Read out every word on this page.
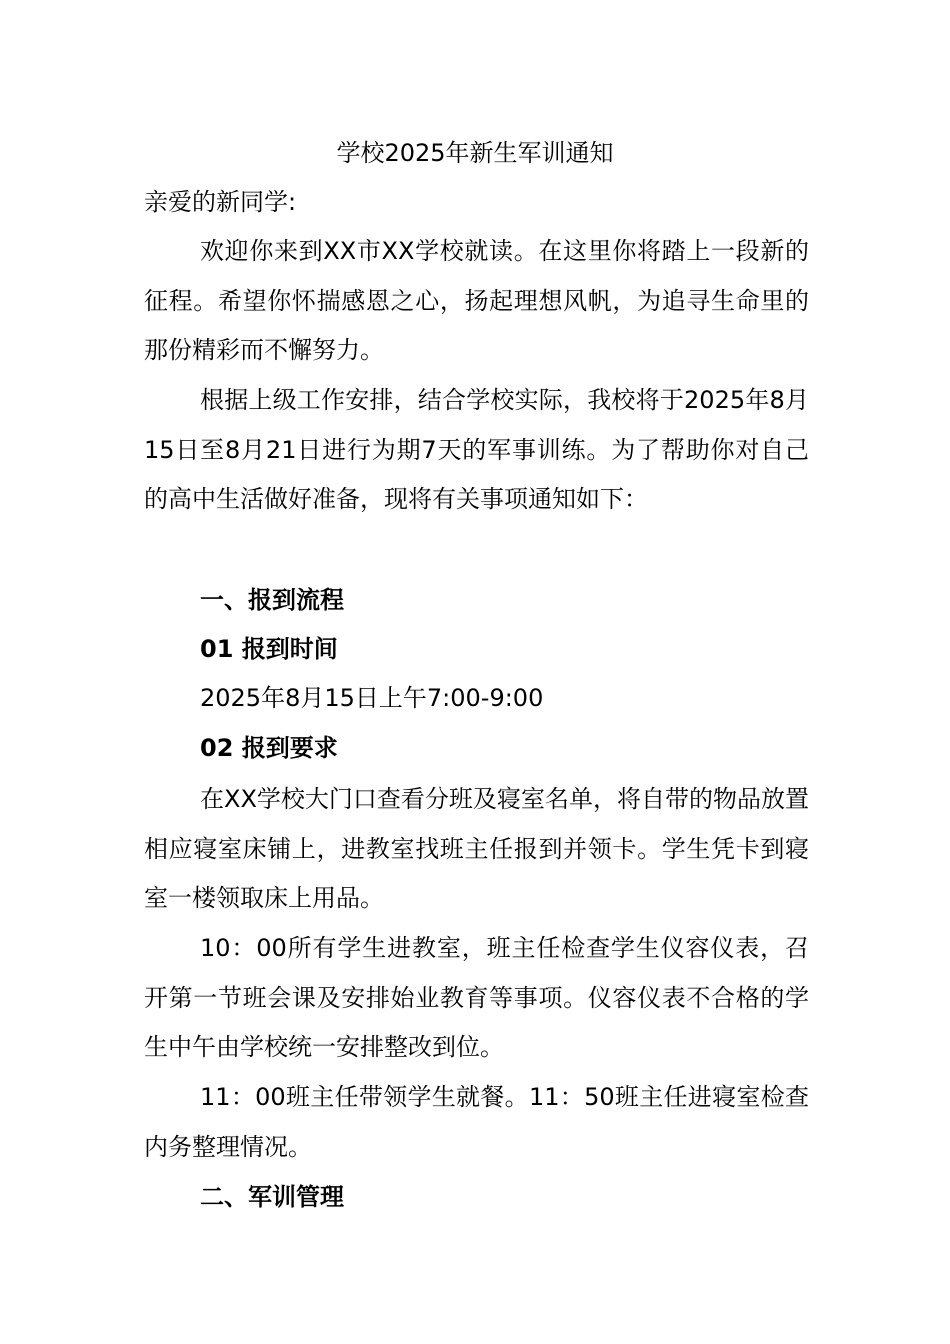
学校2025年新生军训通知
亲爱的新同学:
欢迎你来到XX市XX学校就读。在这里你将踏上一段新的征程。希望你怀揣感恩之心，扬起理想风帆，为追寻生命里的那份精彩而不懈努力。
根据上级工作安排，结合学校实际，我校将于2025年8月15日至8月21日进行为期7天的军事训练。为了帮助你对自己的高中生活做好准备，现将有关事项通知如下：
一、报到流程
01 报到时间
2025年8月15日上午7:00-9:00
02 报到要求
在XX学校大门口查看分班及寝室名单，将自带的物品放置相应寝室床铺上，进教室找班主任报到并领卡。学生凭卡到寝室一楼领取床上用品。
10：00所有学生进教室，班主任检查学生仪容仪表，召开第一节班会课及安排始业教育等事项。仪容仪表不合格的学生中午由学校统一安排整改到位。
11：00班主任带领学生就餐。11：50班主任进寝室检查内务整理情况。
二、军训管理
